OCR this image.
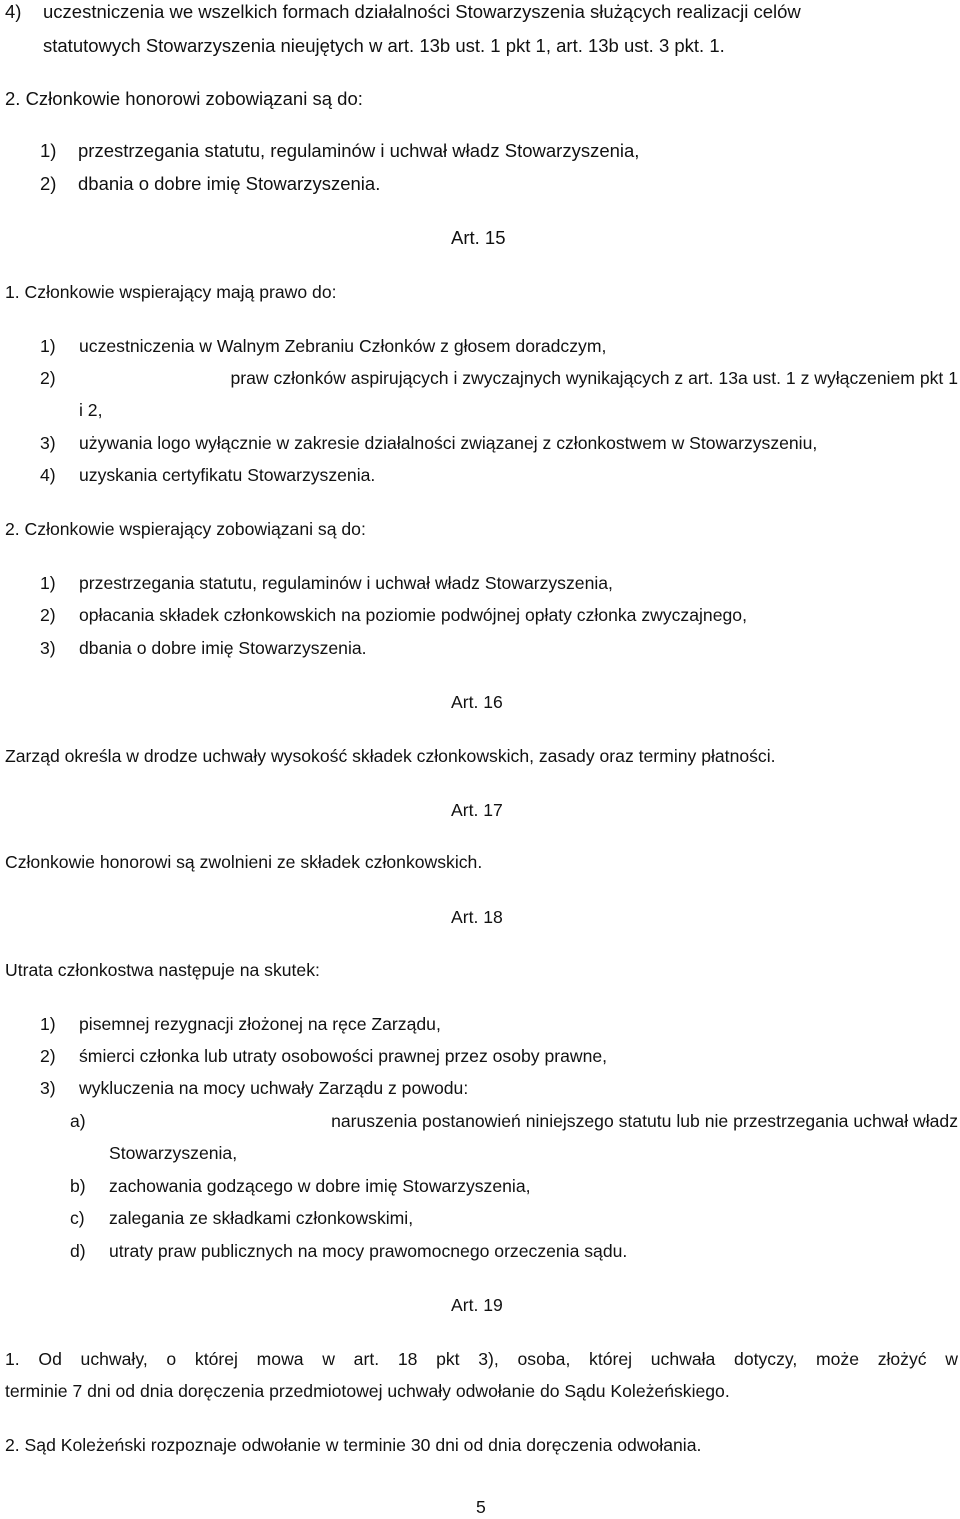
4) uczestniczenia we wszelkich formach działalności Stowarzyszenia służących realizacji celów
statutowych Stowarzyszenia nieujętych w art. 13b ust. 1 pkt 1, art. 13b ust. 3 pkt. 1.
2. Członkowie honorowi zobowiązani są do:
1) przestrzegania statutu, regulaminów i uchwał władz Stowarzyszenia,
2) dbania o dobre imię Stowarzyszenia.
Art. 15
1. Członkowie wspierający mają prawo do:
1) uczestniczenia w Walnym Zebraniu Członków z głosem doradczym,
2)	praw członków aspirujących i zwyczajnych wynikających z art. 13a ust. 1 z wyłączeniem pkt 1
i 2,
3) używania logo wyłącznie w zakresie działalności związanej z członkostwem w Stowarzyszeniu,
4) uzyskania certyfikatu Stowarzyszenia.
2. Członkowie wspierający zobowiązani są do:
1) przestrzegania statutu, regulaminów i uchwał władz Stowarzyszenia,
2) opłacania składek członkowskich na poziomie podwójnej opłaty członka zwyczajnego,
3) dbania o dobre imię Stowarzyszenia.
Art. 16
Zarząd określa w drodze uchwały wysokość składek członkowskich, zasady oraz terminy płatności.
Art. 17
Członkowie honorowi są zwolnieni ze składek członkowskich.
Art. 18
Utrata członkostwa następuje na skutek:
1) pisemnej rezygnacji złożonej na ręce Zarządu,
2) śmierci członka lub utraty osobowości prawnej przez osoby prawne,
3) wykluczenia na mocy uchwały Zarządu z powodu:
a)	naruszenia postanowień niniejszego statutu lub nie przestrzegania uchwał władz
Stowarzyszenia,
b) zachowania godzącego w dobre imię Stowarzyszenia,
c) zalegania ze składkami członkowskimi,
d) utraty praw publicznych na mocy prawomocnego orzeczenia sądu.
Art. 19
1. Od uchwały, o której mowa w art. 18 pkt 3), osoba, której uchwała dotyczy, może złożyć w
terminie 7 dni od dnia doręczenia przedmiotowej uchwały odwołanie do Sądu Koleżeńskiego.
2. Sąd Koleżeński rozpoznaje odwołanie w terminie 30 dni od dnia doręczenia odwołania.
5
